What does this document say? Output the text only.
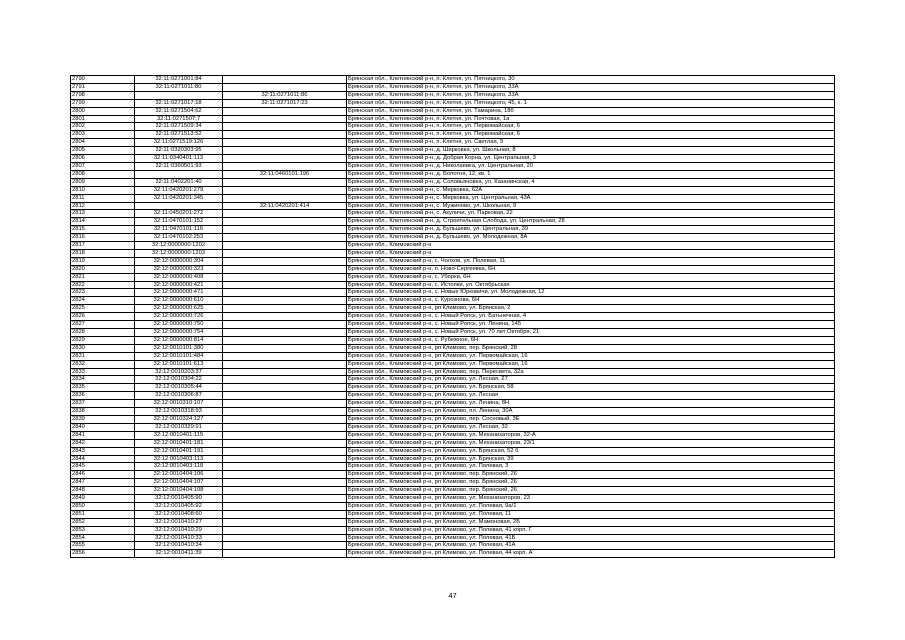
2790	32:11:0271001:84		Брянская обл., Клетнянский р-н, п. Клетня, ул. Пятницкого, 30
2791	32:11:0271011:80		Брянская обл., Клетнянский р-н, п. Клетня, ул. Пятницкого, 33А
2798		32:11:0271011:86	Брянская обл., Клетнянский р-н, п. Клетня, ул. Пятницкого, 33А
2799	32:11:0271017:18	32:11:0271017:23	Брянская обл., Клетнянский р-н, п. Клетня, ул. Пятницкого, 45, к. 1
2800	32:11:0271504:62		Брянская обл., Клетнянский р-н, п. Клетня, ул. Тамарина, 18б
2801	32:11:0271507:7		Брянская обл., Клетнянский р-н, п. Клетня, ул. Почтовая, 1а
2802	32:11:0271509:34		Брянская обл., Клетнянский р-н, п. Клетня, ул. Первомайская, 6
2803	32:11:0271513:52		Брянская обл., Клетнянский р-н, п. Клетня, ул. Первомайская, 6
2804	32:11:0271519:126		Брянская обл., Клетнянский р-н, п. Клетня, ул. Светлая, 9
2805	32:11:0320303:95		Брянская обл., Клетнянский р-н, д. Ширковка, ул. Школьная, 8
2806	32:11:0340401:113		Брянская обл., Клетнянский р-н, д. Добрая Корна, ул. Центральная, 3
2807	32:11:0360501:93		Брянская обл., Клетнянский р-н, д. Николаевка, ул. Центральная, 20
2808		32:11:0460101:196	Брянская обл., Клетнянский р-н, д. Болотня, 12, кв. 1
2809	32:11:0402201:40		Брянская обл., Клетнянский р-н, д. Соловьяновка, ул. Казанинская, 4
2810	32:11:0420201:279		Брянская обл., Клетнянский р-н, с. Мирковка, 62А
2811	32:11:0420201:345		Брянская обл., Клетнянский р-н, с. Мирковка, ул. Центральная, 43А
2812		32:11:0420201:414	Брянская обл., Клетнянский р-н, с. Мужиново, ул. Школьная, 9
2813	32:11:0450201:272		Брянская обл., Клетнянский р-н, с. Акуличи, ул. Парковая, 22
2814	32:11:0470101:152		Брянская обл., Клетнянский р-н, д. Строительная Слобода, ул. Центральная, 28
2815	32:11:0470101:116		Брянская обл., Клетнянский р-н, д. Бульшево, ул. Центральная, 39
2816	32:11:0470102:253		Брянская обл., Клетнянский р-н, д. Бульшево, ул. Молодежная, 8А
2817	32:12:0000000:1202		Брянская обл., Климовский р-н
2818	32:12:0000000:1203		Брянская обл., Климовский р-н
2819	32:12:0000000:304		Брянская обл., Климовский р-н, с. Чолхов, ул. Полевая, 11
2820	32:12:0000000:323		Брянская обл., Климовский р-н, п. Ново-Сергеевка, 6Н
2821	32:12:0000000:408		Брянская обл., Климовский р-н, с. Уборки, 6Н
2822	32:12:0000000:421		Брянская обл., Климовский р-н, с. Истопки, ул. Октябрьская
2823	32:12:0000000:471		Брянская обл., Климовский р-н, с. Новые Юрковичи, ул. Молодежная, 12
2824	32:12:0000000:610		Брянская обл., Климовский р-н, с. Курознова, 6Н
2825	32:12:0000000:625		Брянская обл., Климовский р-н, рп Климово, ул. Брянская, 2
2826	32:12:0000000:726		Брянская обл., Климовский р-н, с. Новый Ропск, ул. Батьнечная, 4
2827	32:12:0000000:750		Брянская обл., Климовский р-н, с. Новый Ропск, ул. Ленина, 145
2828	32:12:0000000:754		Брянская обл., Климовский р-н, с. Новый Ропск, ул. 70 лет Октября, 21
2829	32:12:0000000:814		Брянская обл., Климовский р-н, с. Рубежное, 6Н
2830	32:12:0010101:380		Брянская обл., Климовский р-н, рп Климово, пер. Брянский, 28
2831	32:12:0010101:484		Брянская обл., Климовский р-н, рп Климово, ул. Первомайская, 16
2832	32:12:0010101:613		Брянская обл., Климовский р-н, рп Климово, ул. Первомайская, 16
2833	32:12:0010203:37		Брянская обл., Климовский р-н, рп Климово, пер. Пересвета, 32а
2834	32:12:0010304:22		Брянская обл., Климовский р-н, рп Климово, ул. Лесная, 27
2835	32:12:0010305:44		Брянская обл., Климовский р-н, рп Климово, ул. Брянская, 58
2836	32:12:0010306:87		Брянская обл., Климовский р-н, рп Климово, ул. Лесная
2837	32:12:0010310:107		Брянская обл., Климовский р-н, рп Климово, ул. Ленина, 8Н
2838	32:12:0010318:93		Брянская обл., Климовский р-н, рп Климово, пл. Ленина, 30А
2839	32:12:0010324:127		Брянская обл., Климовский р-н, рп Климово, пер. Сосновый, 3Е
2840	32:12:0010329:91		Брянская обл., Климовский р-н, рп Климово, ул. Лесная, 32
2841	32:12:0010401:115		Брянская обл., Климовский р-н, рп Климово, ул. Механизаторов, 32-А
2842	32:12:0010401:181		Брянская обл., Климовский р-н, рп Климово, ул. Механизаторов, 23/1
2843	32:12:0010401:191		Брянская обл., Климовский р-н, рп Климово, ул. Брянская, 52 б
2844	32:12:0010403:113		Брянская обл., Климовский р-н, рп Климово, ул. Брянская, 39
2845	32:12:0010403:118		Брянская обл., Климовский р-н, рп Климово, ул. Полевая, 3
2846	32:12:0010404:106		Брянская обл., Климовский р-н, рп Климово, пер. Брянский, 26
2847	32:12:0010404:107		Брянская обл., Климовский р-н, рп Климово, пер. Брянский, 26
2848	32:12:0010404:108		Брянская обл., Климовский р-н, рп Климово, пер. Брянский, 26
2849	32:12:0010405:90		Брянская обл., Климовский р-н, рп Климово, ул. Механизаторов, 23
2850	32:12:0010405:92		Брянская обл., Климовский р-н, рп Климово, ул. Полевая, 9а/1
2851	32:12:0010408:60		Брянская обл., Климовский р-н, рп Климово, ул. Полевая, 11
2852	32:12:0010410:27		Брянская обл., Климовский р-н, рп Климово, ул. Мамоновая, 2Б
2853	32:12:0010410:29		Брянская обл., Климовский р-н, рп Климово, ул. Полевая, 41 корп. Г
2854	32:12:0010410:33		Брянская обл., Климовский р-н, рп Климово, ул. Полевая, 41Б
2855	32:12:0010410:34		Брянская обл., Климовский р-н, рп Климово, ул. Полевая, 41А
2856	32:12:0010411:39		Брянская обл., Климовский р-н, рп Климово, ул. Полевая, 44 корп. А
47
